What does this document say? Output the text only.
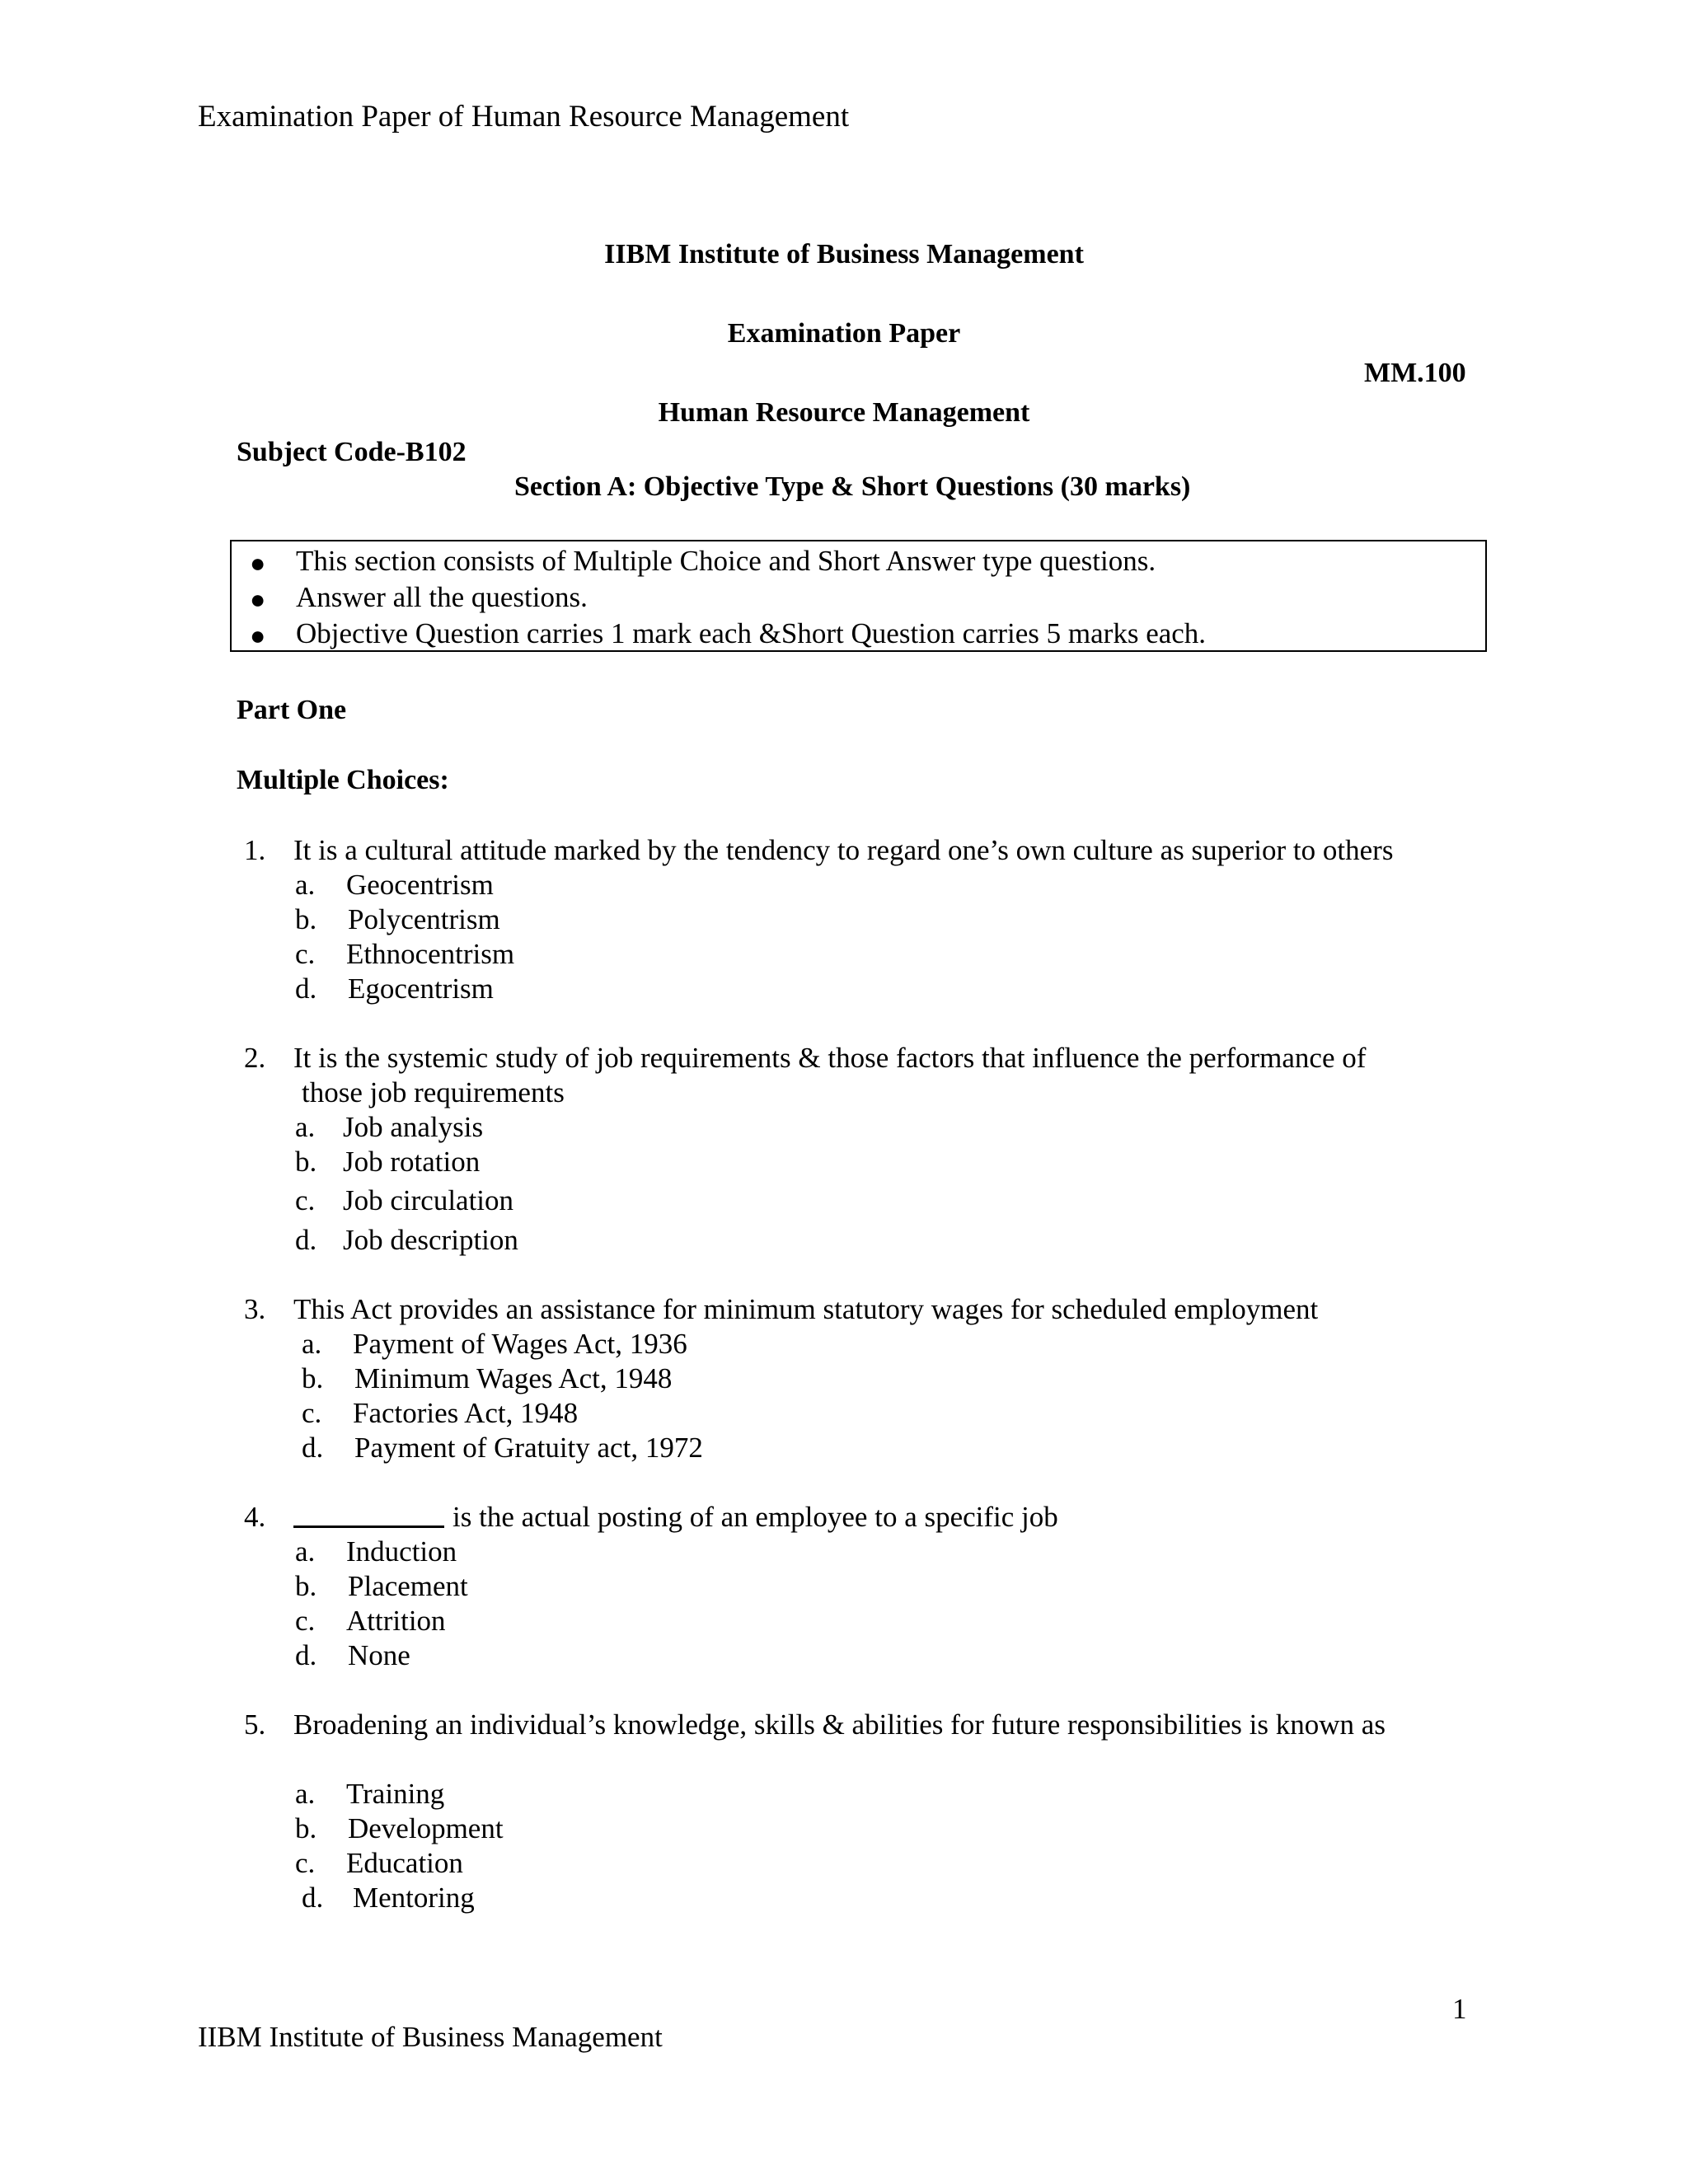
Examination Paper of Human Resource Management
IIBM Institute of Business Management
Examination Paper
MM.100
Human Resource Management
Subject Code-B102
Section A: Objective Type & Short Questions (30 marks)
● This section consists of Multiple Choice and Short Answer type questions.
● Answer all the questions.
● Objective Question carries 1 mark each &Short Question carries 5 marks each.
Part One
Multiple Choices:
1. It is a cultural attitude marked by the tendency to regard one’s own culture as superior to others
a. Geocentrism
b. Polycentrism
c. Ethnocentrism
d. Egocentrism
2. It is the systemic study of job requirements & those factors that influence the performance of
those job requirements
a. Job analysis
b. Job rotation
c. Job circulation
d. Job description
3. This Act provides an assistance for minimum statutory wages for scheduled employment
a. Payment of Wages Act, 1936
b. Minimum Wages Act, 1948
c. Factories Act, 1948
d. Payment of Gratuity act, 1972
4.	is the actual posting of an employee to a specific job
a. Induction
b. Placement
c. Attrition
d. None
5. Broadening an individual’s knowledge, skills & abilities for future responsibilities is known as
a. Training
b. Development
c. Education
d. Mentoring
1
IIBM Institute of Business Management
